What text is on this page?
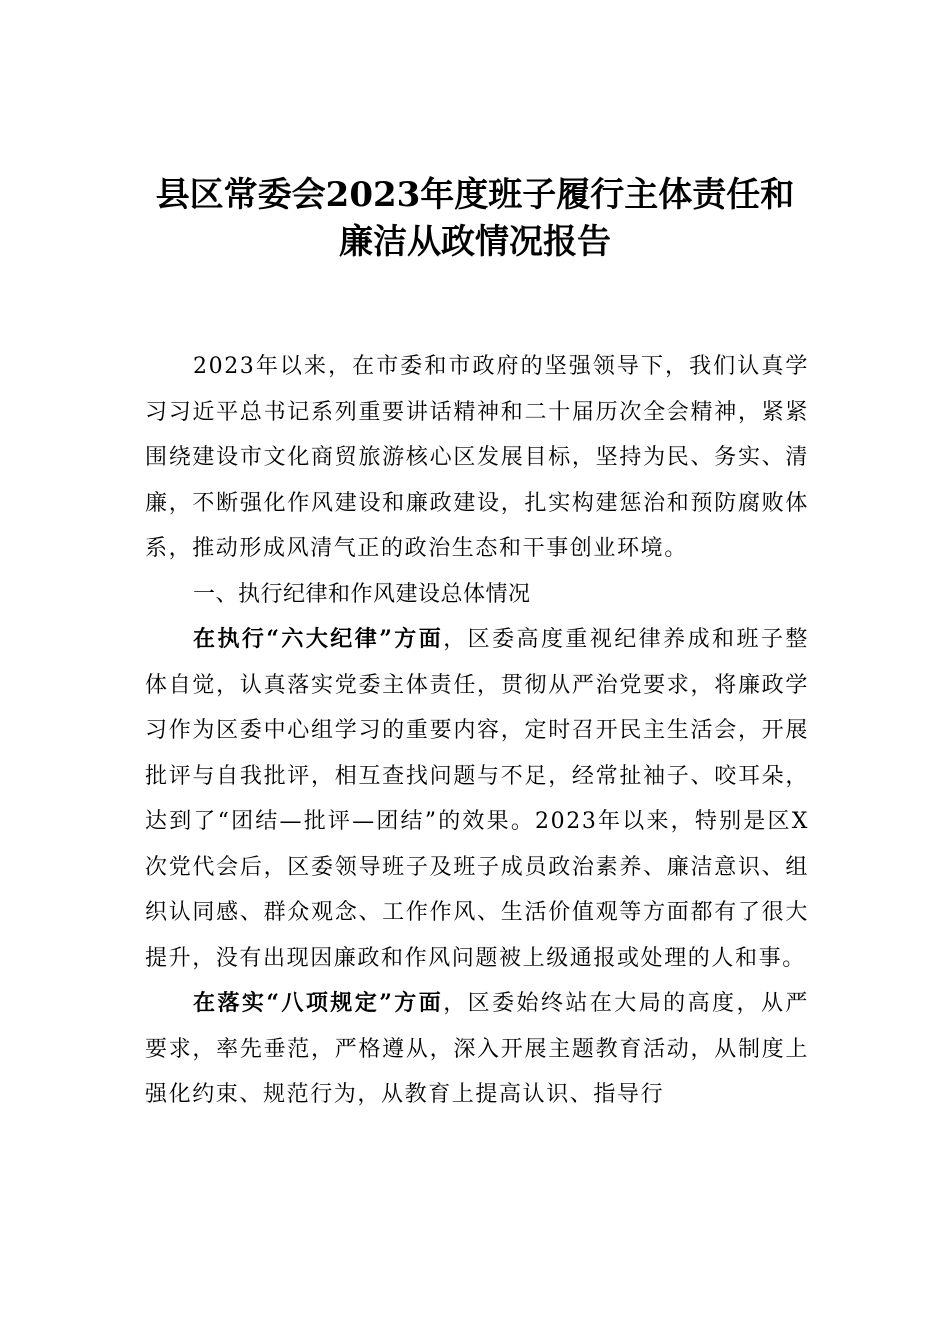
县区常委会2023年度班子履行主体责任和
廉洁从政情况报告

2023年以来，在市委和市政府的坚强领导下，我们认真学习习近平总书记系列重要讲话精神和二十届历次全会精神，紧紧围绕建设市文化商贸旅游核心区发展目标，坚持为民、务实、清廉，不断强化作风建设和廉政建设，扎实构建惩治和预防腐败体系，推动形成风清气正的政治生态和干事创业环境。

一、执行纪律和作风建设总体情况

在执行“六大纪律”方面，区委高度重视纪律养成和班子整体自觉，认真落实党委主体责任，贯彻从严治党要求，将廉政学习作为区委中心组学习的重要内容，定时召开民主生活会，开展批评与自我批评，相互查找问题与不足，经常扯袖子、咬耳朵，达到了“团结—批评—团结”的效果。2023年以来，特别是区X次党代会后，区委领导班子及班子成员政治素养、廉洁意识、组织认同感、群众观念、工作作风、生活价值观等方面都有了很大提升，没有出现因廉政和作风问题被上级通报或处理的人和事。

在落实“八项规定”方面，区委始终站在大局的高度，从严要求，率先垂范，严格遵从，深入开展主题教育活动，从制度上强化约束、规范行为，从教育上提高认识、指导行
